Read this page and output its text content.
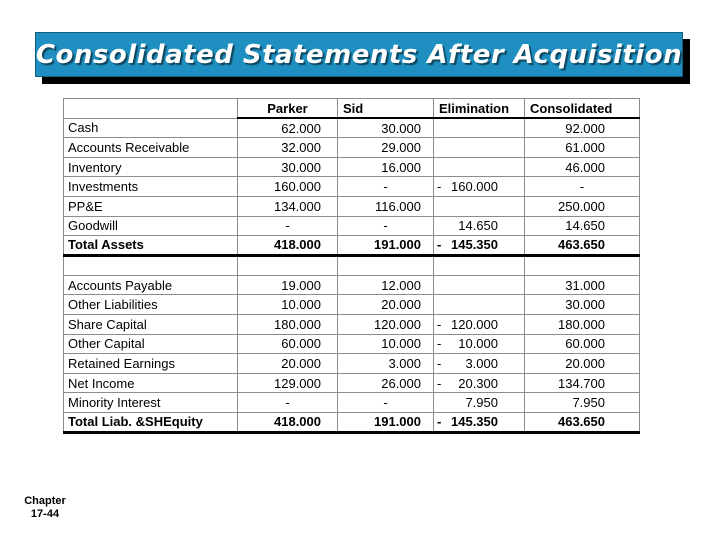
Consolidated Statements After Acquisition
	Parker	Sid	Elimination	Consolidated
Cash	62.000	30.000		92.000
Accounts Receivable	32.000	29.000		61.000
Inventory	30.000	16.000		46.000
Investments	160.000	-	- 160.000	-
PP&E	134.000	116.000		250.000
Goodwill	-	-	14.650	14.650
Total Assets	418.000	191.000	- 145.350	463.650

Accounts Payable	19.000	12.000		31.000
Other Liabilities	10.000	20.000		30.000
Share Capital	180.000	120.000	- 120.000	180.000
Other Capital	60.000	10.000	- 10.000	60.000
Retained Earnings	20.000	3.000	- 3.000	20.000
Net Income	129.000	26.000	- 20.300	134.700
Minority Interest	-	-	7.950	7.950
Total Liab. &SHEquity	418.000	191.000	- 145.350	463.650
Chapter
17-44
